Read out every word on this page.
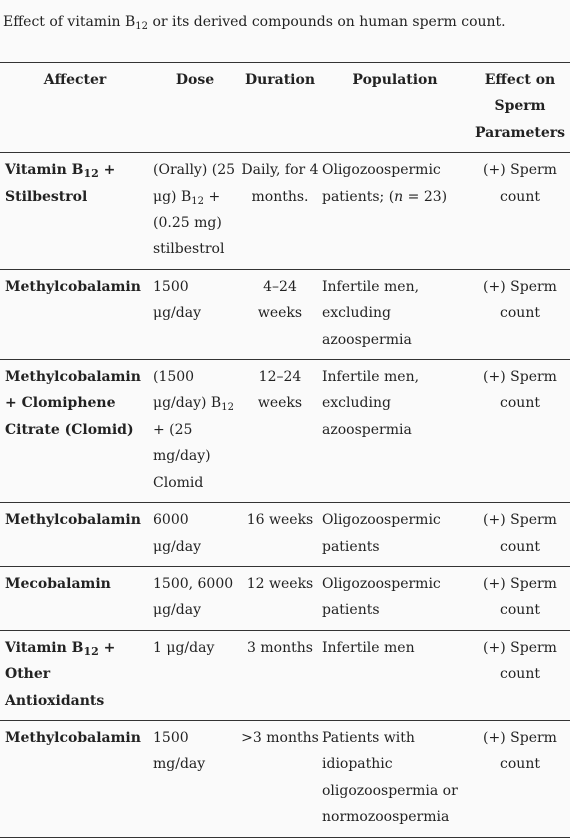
Effect of vitamin $B_{12}$ or its derived compounds on human sperm count.
Affecter	Dose	Duration	Population	Effect on Sperm Parameters
Vitamin $B_{12}$ + Stilbestrol	(Orally) (25 μg) $B_{12} + (0.25$ mg) stilbestrol	Daily, for 4 months.	Oligozoospermic patients; (n = 23)	(+) Sperm count
Methylcobalamin	1500 μg/day	4–24 weeks	Infertile men, excluding azoospermia	(+) Sperm count
Methylcobalamin + Clomiphene Citrate (Clomid)	(1500 μg/day) $B_{12} + (25$ mg/day) Clomid	12–24 weeks	Infertile men, excluding azoospermia	(+) Sperm count
Methylcobalamin	6000 μg/day	16 weeks	Oligozoospermic patients	(+) Sperm count
Mecobalamin	1500, 6000 μg/day	12 weeks	Oligozoospermic patients	(+) Sperm count
Vitamin $B_{12}$ + Other Antioxidants	1 μg/day	3 months	Infertile men	(+) Sperm count
Methylcobalamin	1500 mg/day	>3 months	Patients with idiopathic oligozoospermia or normozoospermia	(+) Sperm count
